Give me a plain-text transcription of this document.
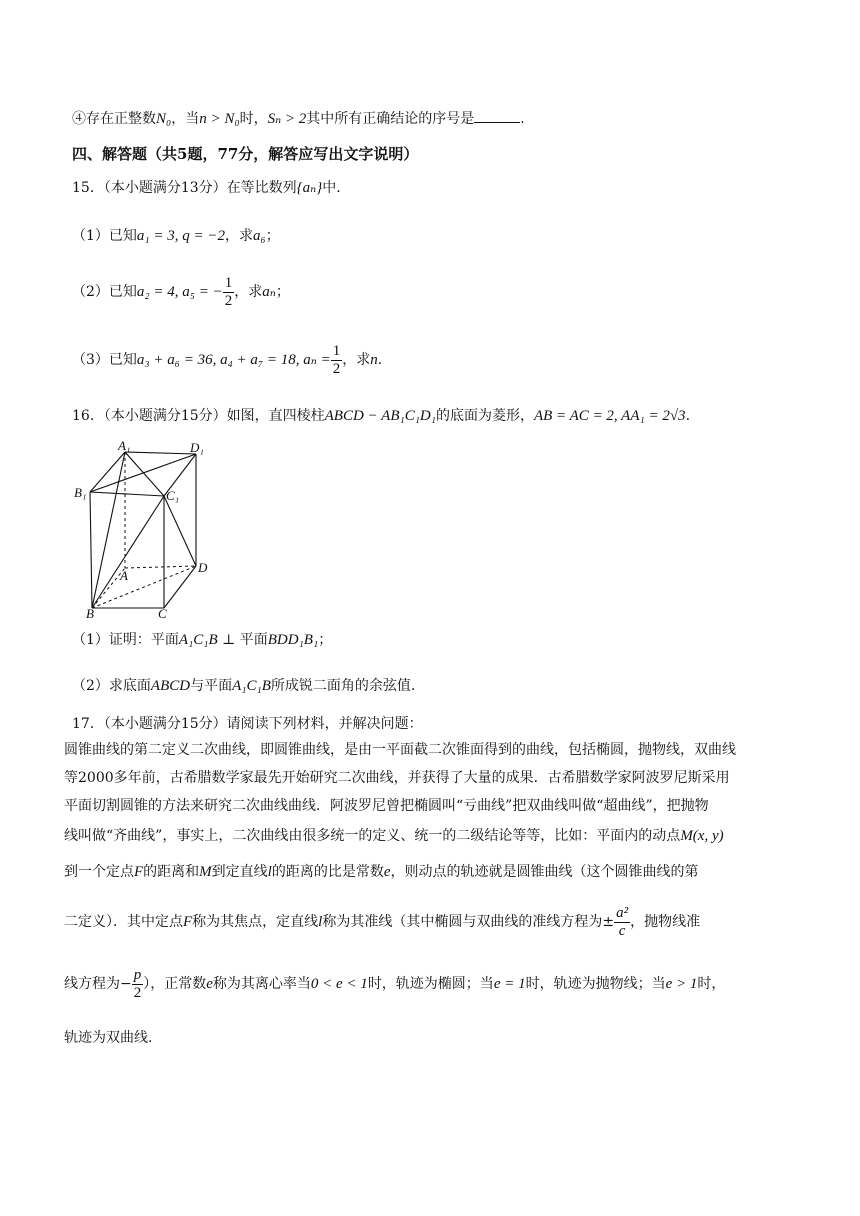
④存在正整数N₀，当n > N₀时，Sₙ > 2其中所有正确结论的序号是	.
四、解答题（共5题，77分，解答应写出文字说明）
15．（本小题满分13分）在等比数列{aₙ}中.
（1）已知a₁ = 3, q = −2，求a₆；
（2）已知a₂ = 4, a₅ = − $\frac{1}{2}$ ，求aₙ；
（3）已知a₃ + a₆ = 36, a₄ + a₇ = 18, $a_n = \frac{1}{2}$ ，求n.
16．（本小题满分15分）如图，直四棱柱ABCD − AB₁C₁D₁的底面为菱形，AB = AC = 2, AA₁ = 2√3.
A₁	D₁
B₁	C₁
A
D
B	C
（1）证明：平面A₁C₁B ⊥ 平面BDD₁B₁；
（2）求底面ABCD与平面A₁C₁B所成锐二面角的余弦值.
17．（本小题满分15分）请阅读下列材料，并解决问题：
圆锥曲线的第二定义二次曲线，即圆锥曲线，是由一平面截二次锥面得到的曲线，包括椭圆，抛物线，双曲线
等2000多年前，古希腊数学家最先开始研究二次曲线，并获得了大量的成果．古希腊数学家阿波罗尼斯采用
平面切割圆锥的方法来研究二次曲线曲线．阿波罗尼曾把椭圆叫“亏曲线”把双曲线叫做“超曲线”，把抛物
线叫做“齐曲线”，事实上，二次曲线由很多统一的定义、统一的二级结论等等，比如：平面内的动点M(x, y)
到一个定点F的距离和M到定直线l的距离的比是常数e，则动点的轨迹就是圆锥曲线（这个圆锥曲线的第
二定义）．其中定点F称为其焦点，定直线l称为其准线（其中椭圆与双曲线的准线方程为± $\frac{\text{a²}}{c}$ ，抛物线准
线方程为− $\frac{p}{2}$ ），正常数e称为其离心率当0 < e < 1时，轨迹为椭圆；当e = 1时，轨迹为抛物线；当e > 1时，
轨迹为双曲线.
